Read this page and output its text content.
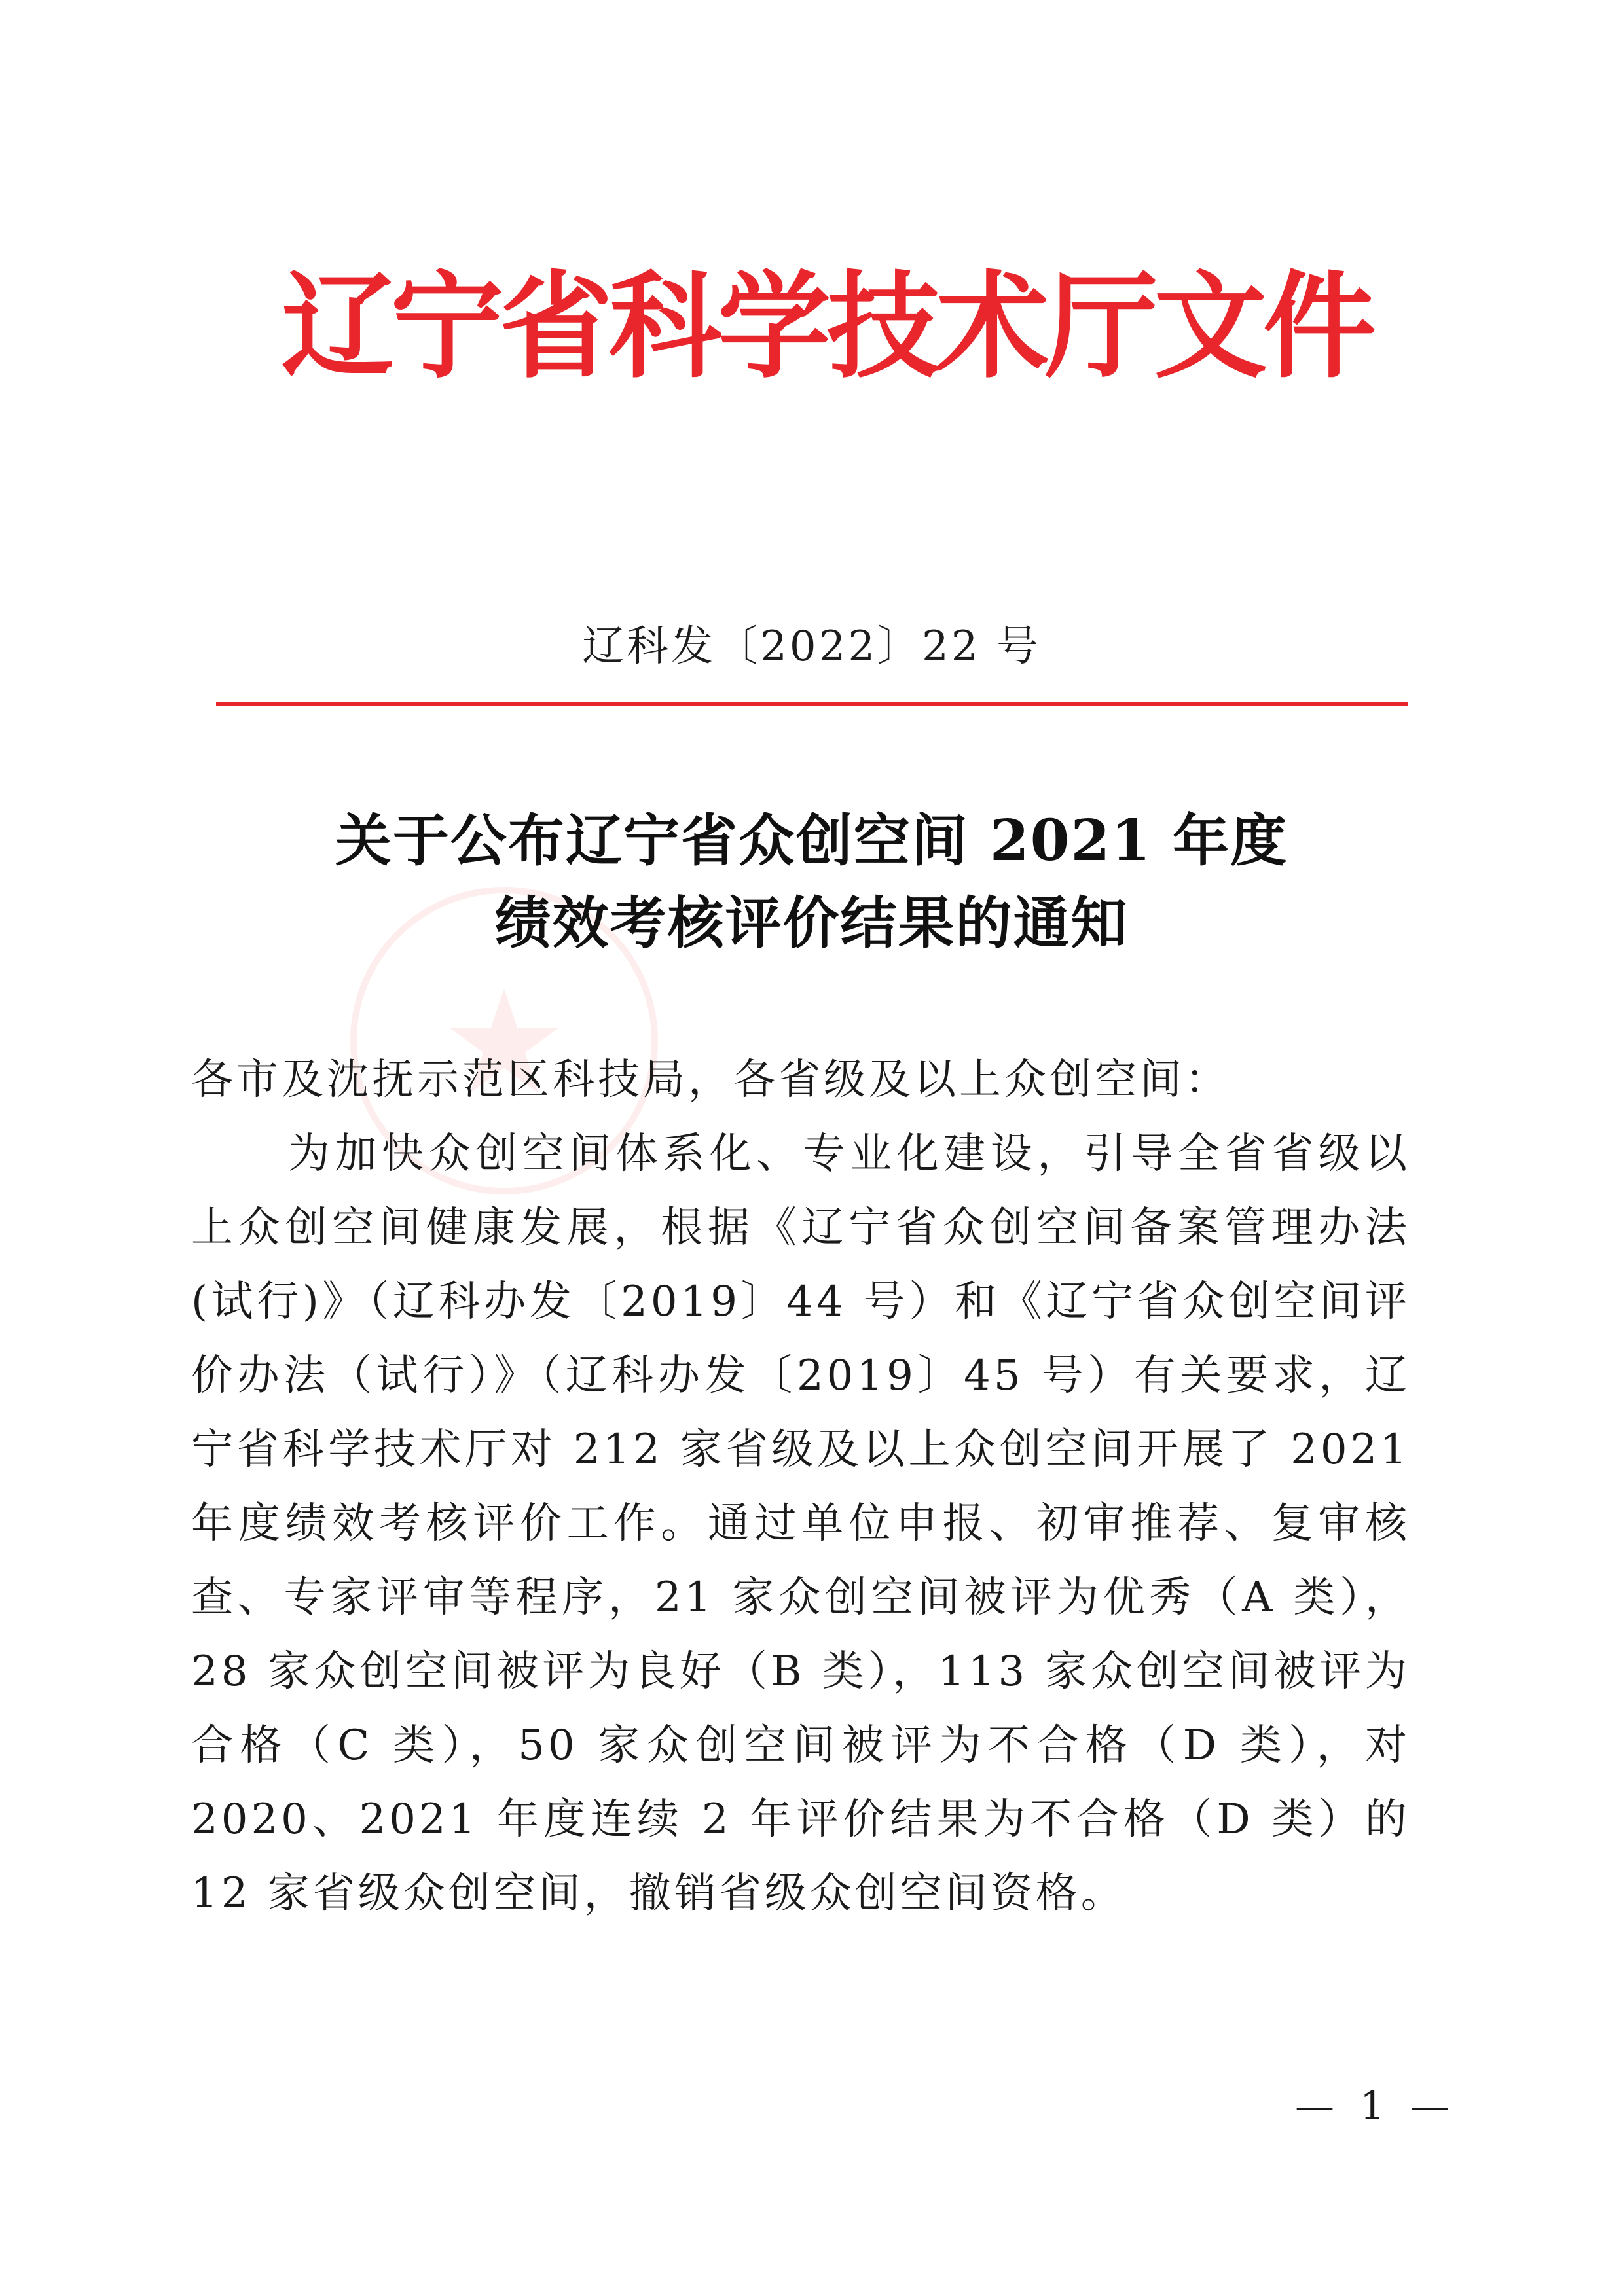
辽宁省科学技术厅文件
辽科发〔2022〕22 号
关于公布辽宁省众创空间 2021 年度
绩效考核评价结果的通知
各市及沈抚示范区科技局，各省级及以上众创空间：
为加快众创空间体系化、专业化建设，引导全省省级以上众创空间健康发展，根据《辽宁省众创空间备案管理办法(试行)》（辽科办发〔2019〕44 号）和《辽宁省众创空间评价办法（试行）》（辽科办发〔2019〕45 号）有关要求，辽宁省科学技术厅对 212 家省级及以上众创空间开展了 2021 年度绩效考核评价工作。通过单位申报、初审推荐、复审核查、专家评审等程序，21 家众创空间被评为优秀（A 类），28 家众创空间被评为良好（B 类），113 家众创空间被评为合格（C 类），50 家众创空间被评为不合格（D 类），对 2020、2021 年度连续 2 年评价结果为不合格（D 类）的 12 家省级众创空间，撤销省级众创空间资格。
— 1 —
